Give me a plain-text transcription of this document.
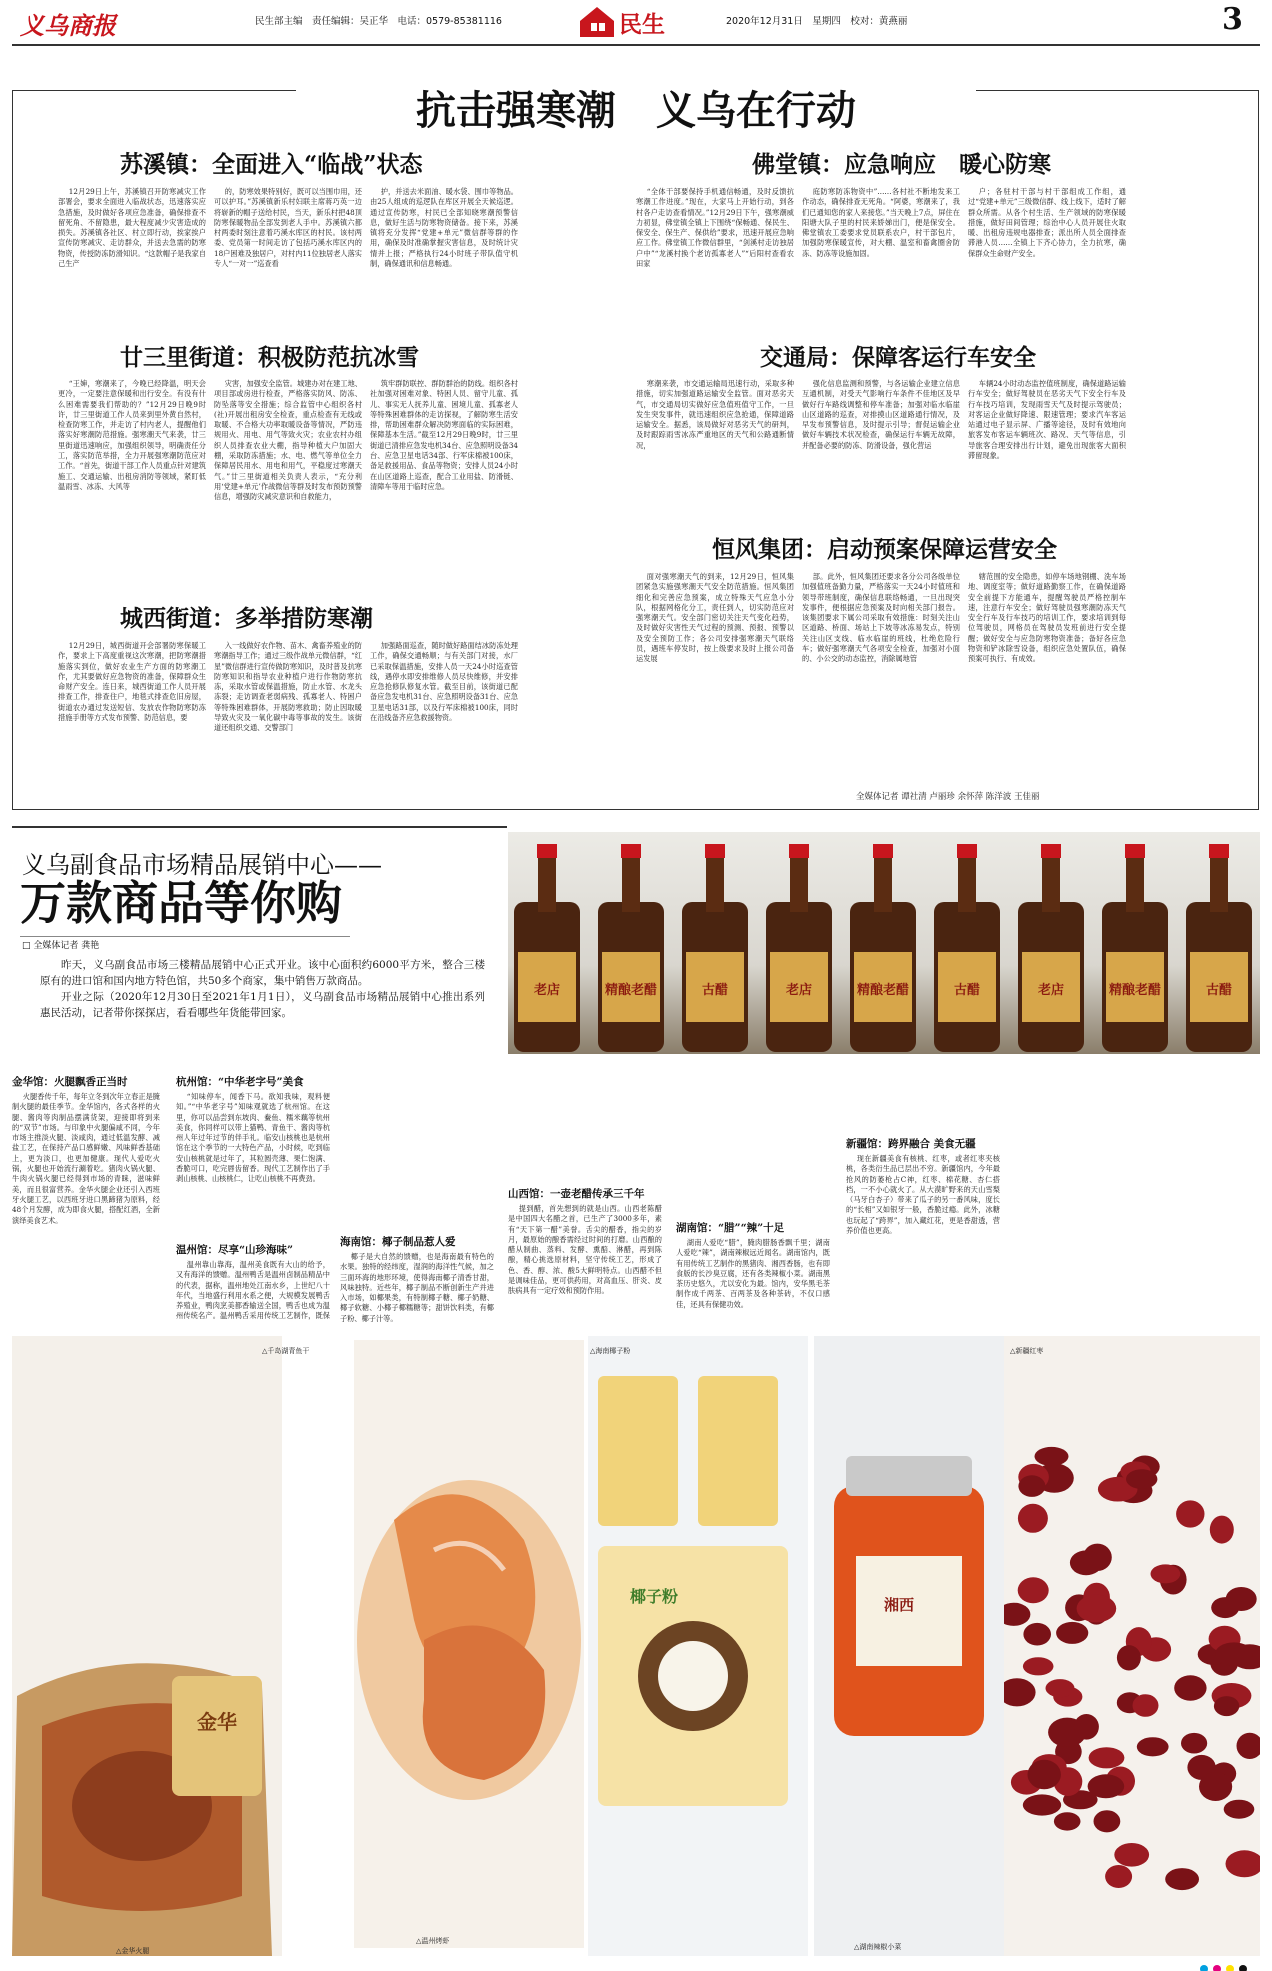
义乌商报	民生部主编　责任编辑：吴正华　电话：0579-85381116	民生	2020年12月31日　星期四　校对：黄燕丽	3
抗击强寒潮　义乌在行动
苏溪镇：全面进入“临战”状态

12月29日上午，苏溪镇召开防寒减灾工作部署会，要求全面进入临战状态，迅速落实应急措施，及时做好各项应急准备，确保排查不留死角、不留隐患，最大程度减少灾害造成的损失。苏溪镇各社区、村立即行动，挨家挨户宣传防寒减灾、走访群众，并送去急需的防寒物资，传授防冻防滑知识。“这款帽子是我家自己生产

的，防寒效果特别好，既可以当围巾用，还可以护耳。”苏溪镇新乐村妇联主席蒋巧英一边将崭新的帽子送给村民，当天，新乐村把48顶防寒保暖物品全部发到老人手中。苏溪镇六都村两委时刻注意着巧溪水库区的村民。该村两委、党员第一时间走访了包括巧溪水库区内的18户困难及独居户，对村内11位独居老人落实专人“一对一”巡查看

护，并送去米面油、暖水袋、围巾等物品。由25人组成的巡逻队在库区开展全天候巡逻。通过宣传防寒，村民已全部知晓寒潮预警信息，做好生活与防寒物资储备。接下来，苏溪镇将充分发挥“党建+单元”微信群等群的作用，确保及时准确掌握灾害信息，及时统计灾情并上报；严格执行24小时班子带队值守机制，确保通讯和信息畅通。

佛堂镇：应急响应　暖心防寒

“全体干部要保持手机通信畅通，及时反馈抗寒潮工作进度。”现在，大家马上开始行动，到各村各户走访查看情况。”12月29日下午，强寒潮威力初显，佛堂镇全镇上下围绕“保畅通、保民生、保安全、保生产、保供给”要求，迅速开展应急响应工作。佛堂镇工作微信群里，“剑溪村走访独居户中”“龙溪村换个老访孤寡老人”“后阳村查看农田家

庭防寒防冻物资中”……各村社不断地发来工作动态，确保排查无死角。“阿婆，寒潮来了，我们已通知您的家人来接您。”当天晚上7点，屏住在阳塘大队子里的村民来娇娣出门，便是保安全。佛堂镇农工委要求党员联系农户，村干部包片，加强防寒保暖宣传，对大棚、温室和畜禽圈舍防冻、防冻等设施加固。

户；各驻村干部与村干部组成工作组，通过“党建+单元”三级微信群、线上线下，适时了解群众所需。从各个村生活、生产领域的防寒保暖措施，做好田间管理；综治中心人员开展住火取暖、出租房违规电器排查；派出所人员全面排查滞港人员……全镇上下齐心协力，全力抗寒，确保群众生命财产安全。

廿三里街道：积极防范抗冰雪

“王婶，寒潮来了，今晚已经降温，明天会更冷，一定要注意保暖和出行安全。有没有什么困难需要我们帮助的？”12月29日晚9时许，廿三里街道工作人员来到里外黄自然村，检查防寒工作，并走访了村内老人，提醒他们落实好寒潮防范措施。强寒潮天气来袭，廿三里街道迅速响应，加强组织领导，明确责任分工，落实防范举措，全力开展强寒潮防范应对工作。“首先，街道干部工作人员重点针对建筑施工、交通运输、出租房消防等领域，紧盯低温雨雪、冰冻、大风等

灾害，加强安全监管。城建办对在建工地、项目部或房进行检查，严格落实防风、防冻、防坠落等安全措施；综合监管中心组织各村(社)开展出租房安全检查，重点检查有无线或取暖、不合格大功率取暖设备等情况，严防违规用火、用电、用气等致火灾；农业农村办组织人员排查农业大棚，指导种植大户加固大棚，采取防冻措施；水、电、燃气等单位全力保障居民用水、用电和用气，平稳度过寒潮天气。”廿三里街道相关负责人表示，“充分利用‘党建+单元’作战微信等群及时发布预防预警信息，增强防灾减灾意识和自救能力，

筑牢群防联控、群防群治的防线。组织各村社加强对困难对象、特困人员、留守儿童、孤儿、事实无人抚养儿童、困境儿童、孤寡老人等特殊困难群体的走访探视，了解防寒生活安排，帮助困难群众解决防寒面临的实际困难，保障基本生活。”截至12月29日晚9时，廿三里街道已清排应急发电机34台、应急照明设备34台、应急卫星电话34部、行军床棉被100床，备足救援用品、食品等物资；安排人员24小时在山区道路上巡查，配合工业用盐、防滑链、清障车等用于临时应急。

交通局：保障客运行车安全

寒潮来袭，市交通运输局迅速行动，采取多种措施，切实加强道路运输安全监管。面对恶劣天气，市交通局切实做好应急值班值守工作，一旦发生突发事件，就迅速组织应急抢通，保障道路运输安全。据悉，该局做好对恶劣天气的研判，及时跟踪雨雪冰冻严重地区的天气和公路通断情况，

强化信息监测和预警，与各运输企业建立信息互通机制，对受天气影响行车条件不佳地区及早做好行车路线调整和停车准备；加强对临水临崖山区道路的巡查，对排摸山区道路通行情况，及早发布预警信息，及时提示引导；督促运输企业做好车辆技术状况检查，确保运行车辆无故障，并配备必要的防冻、防滑设备，强化营运

车辆24小时动态监控值班制度，确保道路运输行车安全；做好驾驶员在恶劣天气下安全行车及行车技巧培训，发现雨雪天气及时提示驾驶员；对客运企业做好降速、限速管理；要求汽车客运站通过电子显示屏、广播等途径，及时有效地向旅客发布客运车辆班次、路况、天气等信息，引导旅客合理安排出行计划，避免出现旅客大面积滞留现象。

恒风集团：启动预案保障运营安全

面对强寒潮天气的到来，12月29日，恒风集团紧急实施强寒潮天气安全防范措施。恒风集团细化和完善应急预案，成立特殊天气应急小分队，根据网格化分工，责任到人，切实防范应对强寒潮天气。安全部门密切关注天气变化趋势，及时做好灾害性天气过程的预测、预报、预警以及安全预防工作；各公司安排强寒潮天气联络员，遇班车停发时，按上级要求及时上报公司备运发展

部。此外，恒风集团还要求各分公司各级单位加强值班备勤力量，严格落实一天24小时值班和领导带班制度，确保信息联络畅通，一旦出现突发事件，便根据应急预案及时向相关部门报告。该集团要求下属公司采取有效措施：时刻关注山区道路、桥面、场站上下坡等冰冻易发点，特别关注山区支线、临水临崖的班线，杜绝危险行车；做好强寒潮天气各项安全检查，加强对小面的、小公交的动态监控，消除属地管

辖范围的安全隐患，如停车场地钢棚、洗车场地、调度室等；做好道路勤察工作，在确保道路安全前提下方能通车，提醒驾驶员严格控制车速，注意行车安全；做好驾驶员强寒潮防冻天气安全行车及行车技巧的培训工作，要求培训到每位驾驶员，网格员在驾驶员发班前进行安全提醒；做好安全与应急防寒物资准备；备好各应急物资和铲冰除雪设备，组织应急处置队伍，确保预案可执行、有成效。

城西街道：多举措防寒潮

12月29日，城西街道开会部署防寒保暖工作，要求上下高度重视这次寒潮，把防寒潮措施落实到位，做好农业生产方面的防寒潮工作，尤其要做好应急物资的准备，保障群众生命财产安全。连日来，城西街道工作人员开展排查工作，排查住户，地毯式排查危旧房屋，街道农办通过发送短信、发放农作物防寒防冻措施手册等方式发布预警、防范信息，要

入一线做好农作物、苗木、禽畜养殖业的防寒潮指导工作；通过三级作战单元微信群，“红星”微信群进行宣传做防寒知识，及时普及抗寒防寒知识和指导农业种植户进行作物防寒抗冻，采取水管或保温措施，防止水管、水龙头冻裂；走访调查老弱病残、孤寡老人、特困户等特殊困难群体，开展防寒救助；防止因取暖导致火灾及一氧化碳中毒等事故的发生。该街道还组织交通、交警部门

加强路面巡查，随时做好路面结冰防冻处理工作，确保交通畅顺；与有关部门对接，水厂已采取保温措施，安排人员一天24小时巡查管线，遇停水即安排维修人员尽快维修，并安排应急抢修队修复水管。截至目前，该街道已配备应急发电机31台、应急照明设备31台、应急卫星电话31部，以及行军床棉被100床，同时在沿线备齐应急救援物资。

全媒体记者 谭社清 卢丽珍 余怀萍 陈洋波 王佳丽
义乌副食品市场精品展销中心——
万款商品等你购
□ 全媒体记者 龚艳

昨天，义乌副食品市场三楼精品展销中心正式开业。该中心面积约6000平方米，整合三楼原有的进口馆和国内地方特色馆，共50多个商家，集中销售万款商品。

开业之际（2020年12月30日至2021年1月1日），义乌副食品市场精品展销中心推出系列惠民活动，记者带你探探店，看看哪些年货能带回家。

老店	精酿老醋	古醋	老店	精酿老醋	古醋	老店	精酿老醋	古醋
金华馆：火腿飘香正当时

火腿香传千年，每年立冬到次年立春正是腌制火腿的最佳季节。金华馆内，各式各样的火腿、酱肉等肉制品摆满货架，迎接即将到来的“双节”市场。与印象中火腿偏咸不同，今年市场主推淡火腿、淡咸肉，通过低温发酵、减盐工艺，在保持产品口感鲜嫩、风味鲜香基础上，更为淡口，也更加健康。现代人爱吃火锅，火腿也开始流行涮着吃。猪肉火锅火腿、牛肉火锅火腿已经得到市场的青睐，滋味鲜美，而且很富营养。金华火腿企业还引入西班牙火腿工艺，以西班牙进口黑蹄猪为原料，经48个月发酵，成为即食火腿，搭配红酒，全新演绎美食艺术。

杭州馆：“中华老字号”美食

“知味停车，闻香下马。欲知我味，观料便知。”“中华老字号”知味观就选了杭州馆。在这里，你可以品尝到东坡肉、鲞鱼、糯米藕等杭州美食，你同样可以带上猫鸭、青鱼干、酱肉等杭州人年过年过节的伴手礼。临安山核桃也是杭州馆在这个季节的一大特色产品，小时候，吃到临安山核桃就是过年了，其粒圆壳薄、果仁饱满、香脆可口，吃完唇齿留香。现代工艺制作出了手剥山核桃、山核桃仁，让吃山核桃不再费劲。

温州馆：尽享“山珍海味”

温州靠山靠海，温州美食既有大山的给予，又有海洋的馈赠。温州鸭舌是温州卤制品精品中的代表，据称，温州地处江南水乡，上世纪八十年代，当地盛行利用水系之便，大规模发展鸭舌养殖业，鸭肉烹美都香输送全国，鸭舌也成为温州传统名产。温州鸭舌采用传统工艺制作，既保

海南馆：椰子制品惹人爱

椰子是大自然的馈赠，也是海南最有特色的水果。独特的经纬度，湿润的海洋性气候，加之三面环海的地形环境，使得海南椰子清香甘甜，风味独特。近些年，椰子制品不断创新生产并进入市场，如椰果类，有特制椰子糖、椰子奶糖、椰子软糖、小椰子椰糯糖等；甜饼饮料类，有椰子粉、椰子汁等。

山西馆：一壶老醋传承三千年

提到醋，首先想到的就是山西。山西老陈醋是中国四大名醋之首，已生产了3000多年，素有“天下第一醋”美誉。舌尖的醋香，指尖的岁月，最原始的酿香需经过时间的打磨。山西酿的醋从制曲、蒸料、发酵、熏醅、淋醋，再到陈酿，精心挑选原材料，坚守传统工艺，形成了色、香、醇、浓、酸5大鲜明特点。山西醋不但是调味佳品，更可供药用，对高血压、肝炎、皮肤病具有一定疗效和预防作用。

湖南馆：“腊”“辣”十足

湖南人爱吃“腊”，腌肉腊肠香飘千里；湖南人爱吃“辣”，湖南辣椒远近闻名。湖南馆内，既有用传统工艺制作的黑猪肉、湘西香肠，也有即食版的长沙臭豆腐，还有各类辣椒小菜。湖南黑茶历史悠久，尤以安化为最。馆内，安华黑毛茶制作成千两茶、百两茶及各种茶砖，不仅口感佳，还具有保健功效。

新疆馆：跨界融合 美食无疆

现在新疆美食有核桃、红枣，或者红枣夹核桃，各类衍生品已层出不穷。新疆馆内，今年最抢风的防萎枪占C神，红枣、棉花糖、杏仁搭档，一不小心就火了。从大漠旷野来的天山雪梨（马牙白杏子）带来了瓜子的另一番风味，度长的“长相”又如银牙一般，香脆过瘾。此外，冰糖也玩起了“跨界”，加入藏红花，更是香甜透，营养价值也更高。

金华
△金华火腿
△千岛湖青鱼干
△温州烤虾
椰子粉
△海南椰子粉
湘西
△湖南辣椒小菜
△新疆红枣
